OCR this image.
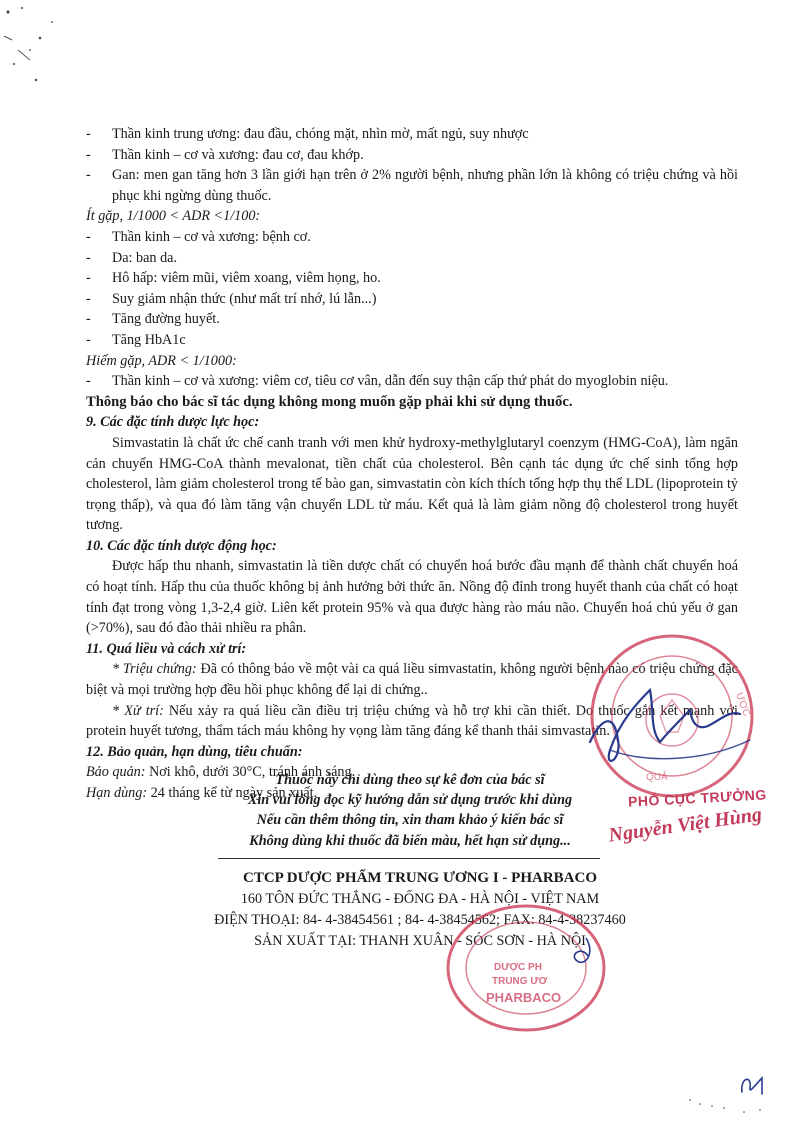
- Thần kinh trung ương: đau đầu, chóng mặt, nhìn mờ, mất ngủ, suy nhược
- Thần kinh – cơ và xương: đau cơ, đau khớp.
- Gan: men gan tăng hơn 3 lần giới hạn trên ở 2% người bệnh, nhưng phần lớn là không có triệu chứng và hồi phục khi ngừng dùng thuốc.
Ít gặp, 1/1000 < ADR <1/100:
- Thần kinh – cơ và xương: bệnh cơ.
- Da: ban da.
- Hô hấp: viêm mũi, viêm xoang, viêm họng, ho.
- Suy giảm nhận thức (như mất trí nhớ, lú lẫn...)
- Tăng đường huyết.
- Tăng HbA1c
Hiếm gặp, ADR < 1/1000:
- Thần kinh – cơ và xương: viêm cơ, tiêu cơ vân, dẫn đến suy thận cấp thứ phát do myoglobin niệu.
Thông báo cho bác sĩ tác dụng không mong muốn gặp phải khi sử dụng thuốc.
9. Các đặc tính dược lực học:
Simvastatin là chất ức chế canh tranh với men khử hydroxy-methylglutaryl coenzym (HMG-CoA), làm ngăn cản chuyển HMG-CoA thành mevalonat, tiền chất của cholesterol. Bên cạnh tác dụng ức chế sinh tổng hợp cholesterol, làm giảm cholesterol trong tế bào gan, simvastatin còn kích thích tổng hợp thụ thể LDL (lipoprotein tỷ trọng thấp), và qua đó làm tăng vận chuyển LDL từ máu. Kết quả là làm giảm nồng độ cholesterol trong huyết tương.
10. Các đặc tính dược động học:
Được hấp thu nhanh, simvastatin là tiền dược chất có chuyển hoá bước đầu mạnh để thành chất chuyển hoá có hoạt tính. Hấp thu của thuốc không bị ảnh hưởng bởi thức ăn. Nồng độ đỉnh trong huyết thanh của chất có hoạt tính đạt trong vòng 1,3-2,4 giờ. Liên kết protein 95% và qua được hàng rào máu não. Chuyển hoá chủ yếu ở gan (>70%), sau đó đào thải nhiều ra phân.
11. Quá liều và cách xử trí:
* Triệu chứng: Đã có thông báo về một vài ca quá liều simvastatin, không người bệnh nào có triệu chứng đặc biệt và mọi trường hợp đều hồi phục không để lại di chứng..
* Xử trí: Nếu xảy ra quá liều cần điều trị triệu chứng và hỗ trợ khi cần thiết. Do thuốc gắn kết mạnh với protein huyết tương, thẩm tách máu không hy vọng làm tăng đáng kể thanh thải simvastatin.
12. Bảo quản, hạn dùng, tiêu chuẩn:
Bảo quản: Nơi khô, dưới 30°C, tránh ánh sáng.
Hạn dùng: 24 tháng kể từ ngày sản xuất.
Thuốc này chỉ dùng theo sự kê đơn của bác sĩ
Xin vui lòng đọc kỹ hướng dẫn sử dụng trước khi dùng
Nếu cần thêm thông tin, xin tham khảo ý kiến bác sĩ
Không dùng khi thuốc đã biến màu, hết hạn sử dụng...
CTCP DƯỢC PHẨM TRUNG ƯƠNG I - PHARBACO
160 TÔN ĐỨC THẮNG - ĐỐNG ĐA - HÀ NỘI - VIỆT NAM
ĐIỆN THOẠI: 84- 4-38454561 ; 84- 4-38454562; FAX: 84-4-38237460
SẢN XUẤT TẠI: THANH XUÂN - SÓC SƠN - HÀ NỘI
ƯỢC
QUẢ
PHÓ CỤC TRƯỞNG
Nguyễn Việt Hùng
DƯỢC PH
TRUNG ƯƠ
PHARBACO
